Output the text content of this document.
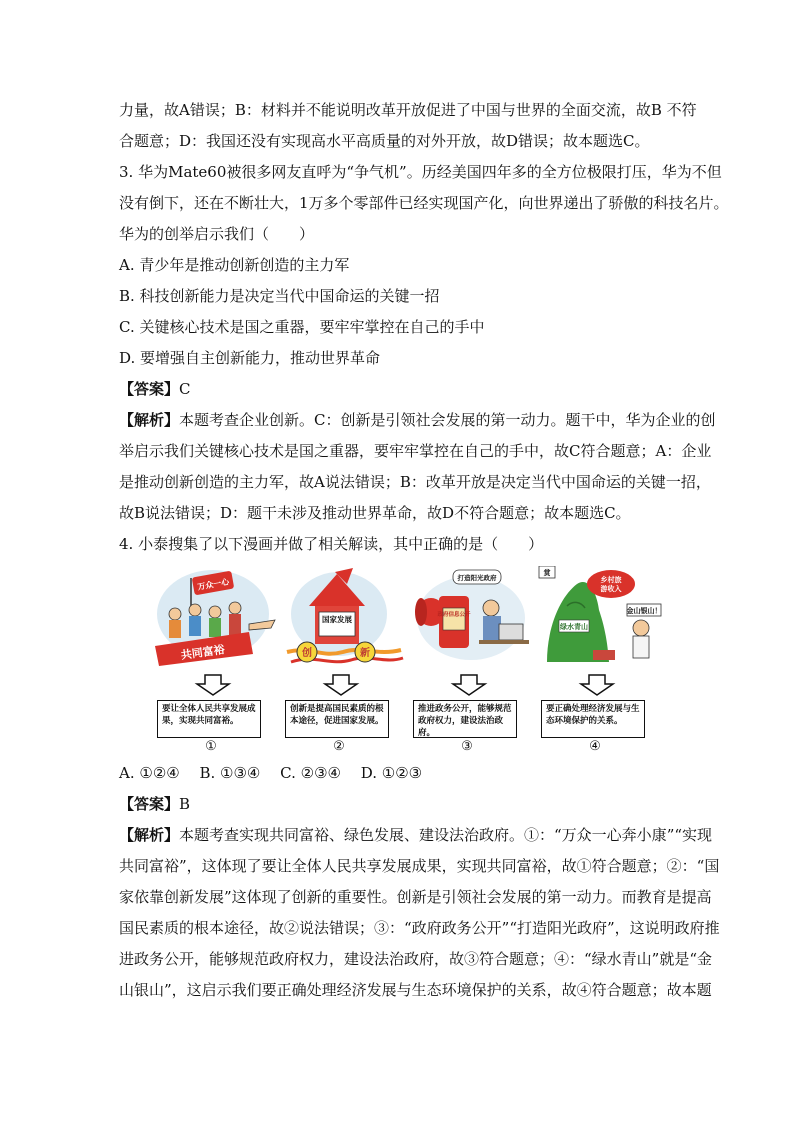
力量，故A错误；B：材料并不能说明改革开放促进了中国与世界的全面交流，故B 不符
合题意；D：我国还没有实现高水平高质量的对外开放，故D错误；故本题选C。
3. 华为Mate60被很多网友直呼为“争气机”。历经美国四年多的全方位极限打压，华为不但
没有倒下，还在不断壮大，1万多个零部件已经实现国产化，向世界递出了骄傲的科技名片。
华为的创举启示我们（　　）
A. 青少年是推动创新创造的主力军
B. 科技创新能力是决定当代中国命运的关键一招
C. 关键核心技术是国之重器，要牢牢掌控在自己的手中
D. 要增强自主创新能力，推动世界革命
【答案】C
【解析】本题考查企业创新。C：创新是引领社会发展的第一动力。题干中，华为企业的创
举启示我们关键核心技术是国之重器，要牢牢掌控在自己的手中，故C符合题意；A：企业
是推动创新创造的主力军，故A说法错误；B：改革开放是决定当代中国命运的关键一招，
故B说法错误；D：题干未涉及推动世界革命，故D不符合题意；故本题选C。
4. 小泰搜集了以下漫画并做了相关解读，其中正确的是（　　）
万众一心
共同富裕
要让全体人民共享发展成果，实现共同富裕。
①
国家发展
创	新
创新是提高国民素质的根本途径，促进国家发展。
②
打造阳光政府
政府信息公开
推进政务公开，能够规范政府权力，建设法治政府。
③
赏
绿水青山
乡村旅
游收入
金山银山！
要正确处理经济发展与生态环境保护的关系。
④
A. ①②④　 B. ①③④　 C. ②③④　 D. ①②③
【答案】B
【解析】本题考查实现共同富裕、绿色发展、建设法治政府。①：“万众一心奔小康”“实现
共同富裕”，这体现了要让全体人民共享发展成果，实现共同富裕，故①符合题意；②：“国
家依靠创新发展”这体现了创新的重要性。创新是引领社会发展的第一动力。而教育是提高
国民素质的根本途径，故②说法错误；③：“政府政务公开”“打造阳光政府”，这说明政府推
进政务公开，能够规范政府权力，建设法治政府，故③符合题意；④：“绿水青山”就是“金
山银山”，这启示我们要正确处理经济发展与生态环境保护的关系，故④符合题意；故本题
